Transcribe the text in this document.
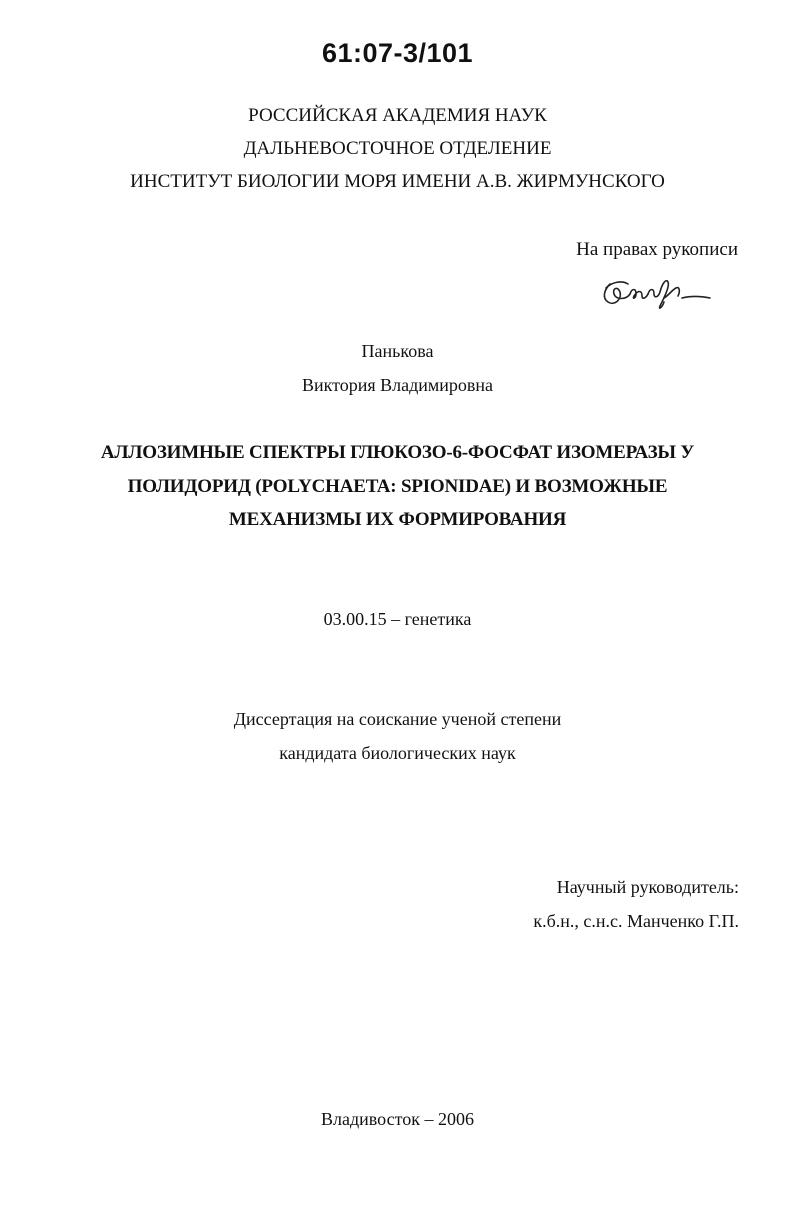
61:07-3/101
РОССИЙСКАЯ АКАДЕМИЯ НАУК
ДАЛЬНЕВОСТОЧНОЕ ОТДЕЛЕНИЕ
ИНСТИТУТ БИОЛОГИИ МОРЯ ИМЕНИ А.В. ЖИРМУНСКОГО
На правах рукописи
Панькова
Виктория Владимировна
АЛЛОЗИМНЫЕ СПЕКТРЫ ГЛЮКОЗО-6-ФОСФАТ ИЗОМЕРАЗЫ У
ПОЛИДОРИД (POLYCHAETA: SPIONIDAE) И ВОЗМОЖНЫЕ
МЕХАНИЗМЫ ИХ ФОРМИРОВАНИЯ
03.00.15 – генетика
Диссертация на соискание ученой степени
кандидата биологических наук
Научный руководитель:
к.б.н., с.н.с. Манченко Г.П.
Владивосток – 2006
